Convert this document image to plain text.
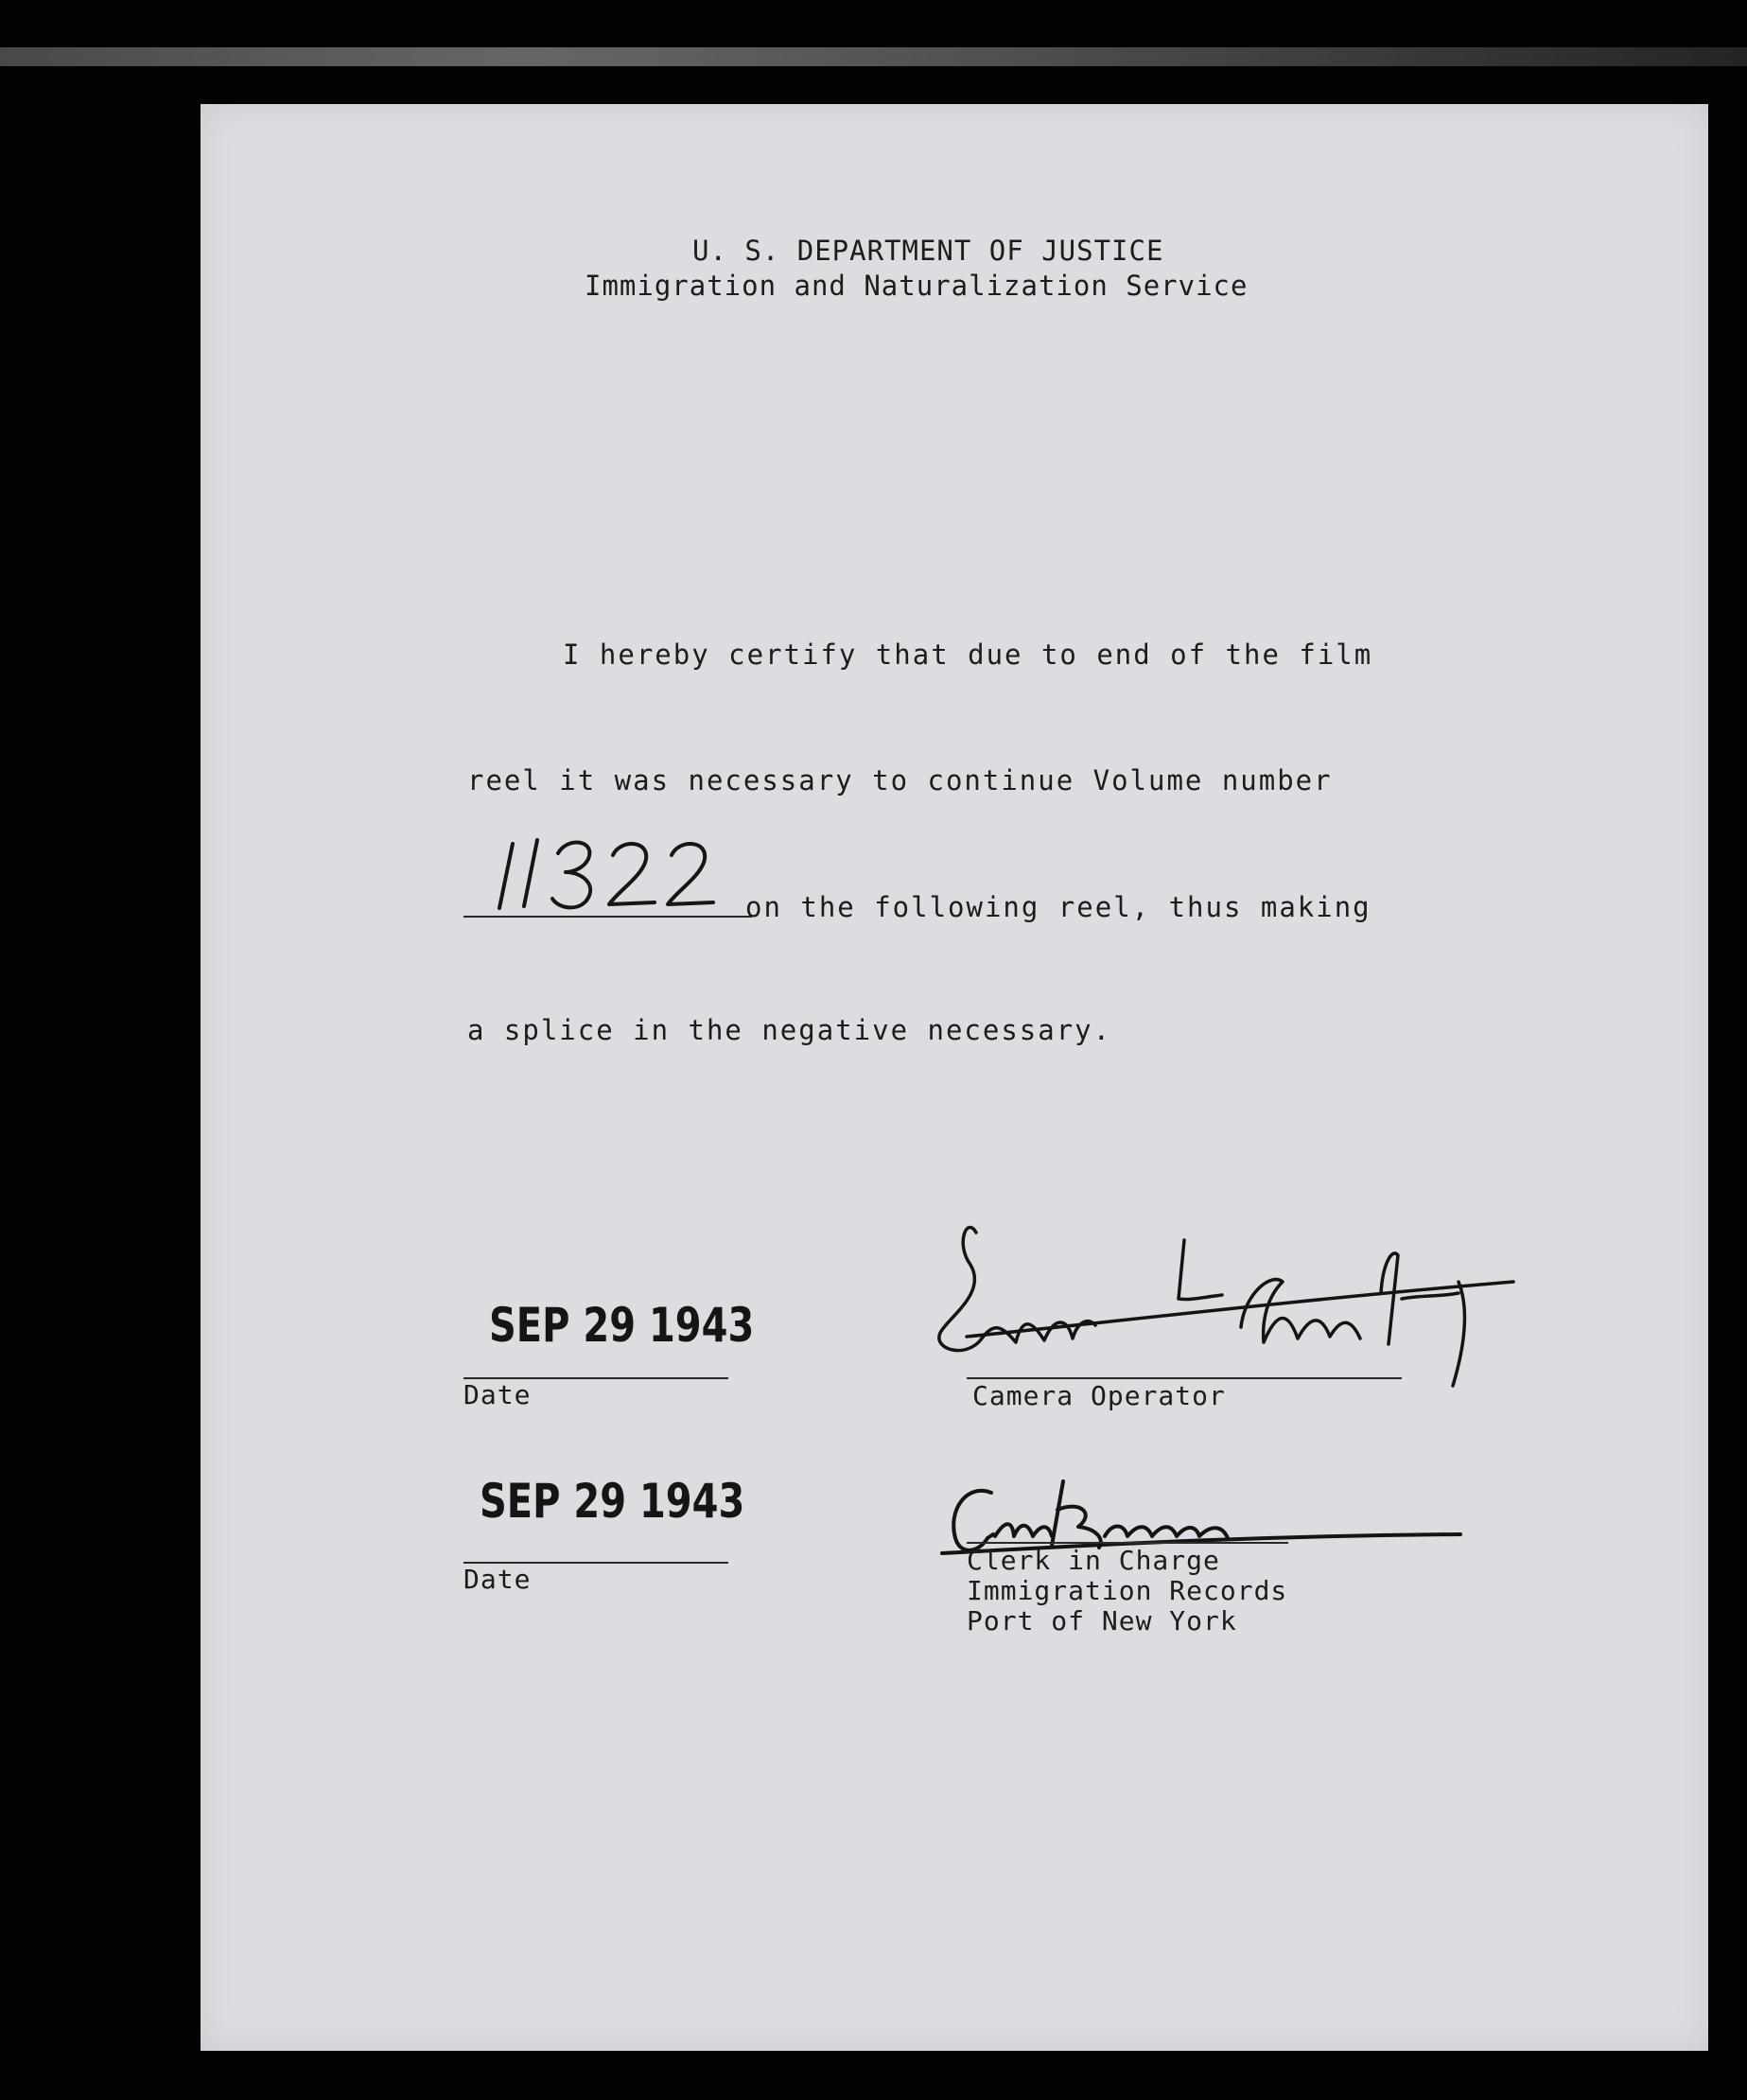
U. S. DEPARTMENT OF JUSTICE
Immigration and Naturalization Service
I hereby certify that due to end of the film
reel it was necessary to continue Volume number
on the following reel, thus making
a splice in the negative necessary.
SEP 29 1943
Date	Camera Operator
SEP 29 1943
Date
Clerk in Charge
Immigration Records
Port of New York
